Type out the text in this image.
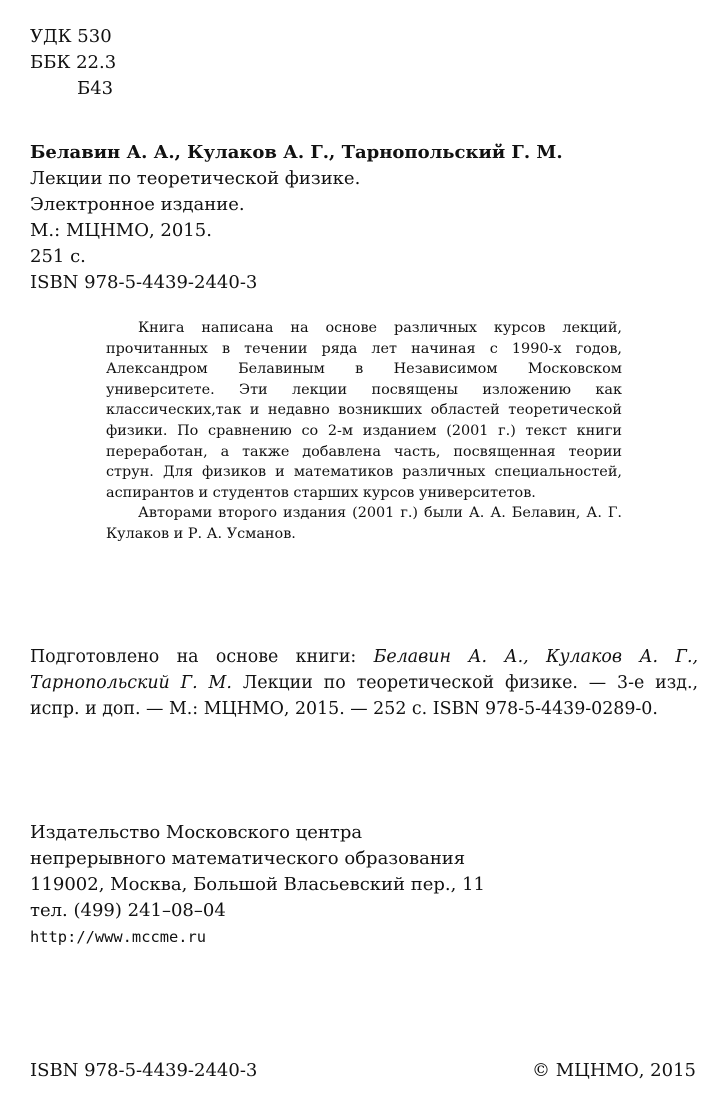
УДК 530
ББК 22.3
Б43
Белавин А. А., Кулаков А. Г., Тарнопольский Г. М.
Лекции по теоретической физике.
Электронное издание.
М.: МЦНМО, 2015.
251 с.
ISBN 978-5-4439-2440-3

Книга написана на основе различных курсов лекций, прочитанных в течении ряда лет начиная с 1990-х годов, Александром Белавиным в Независимом Московском университете. Эти лекции посвящены изложению как классических,так и недавно возникших областей теоретической физики. По сравнению со 2-м изданием (2001 г.) текст книги переработан, а также добавлена часть, посвященная теории струн. Для физиков и математиков различных специальностей, аспирантов и студентов старших курсов университетов.

Авторами второго издания (2001 г.) были А. А. Белавин, А. Г. Кулаков и Р. А. Усманов.

Подготовлено на основе книги: Белавин А. А., Кулаков А. Г., Тарнопольский Г. М. Лекции по теоретической физике. — 3-е изд., испр. и доп. — М.: МЦНМО, 2015. — 252 с. ISBN 978-5-4439-0289-0.

Издательство Московского центра
непрерывного математического образования
119002, Москва, Большой Власьевский пер., 11
тел. (499) 241–08–04
http://www.mccme.ru
ISBN 978-5-4439-2440-3	© МЦНМО, 2015
